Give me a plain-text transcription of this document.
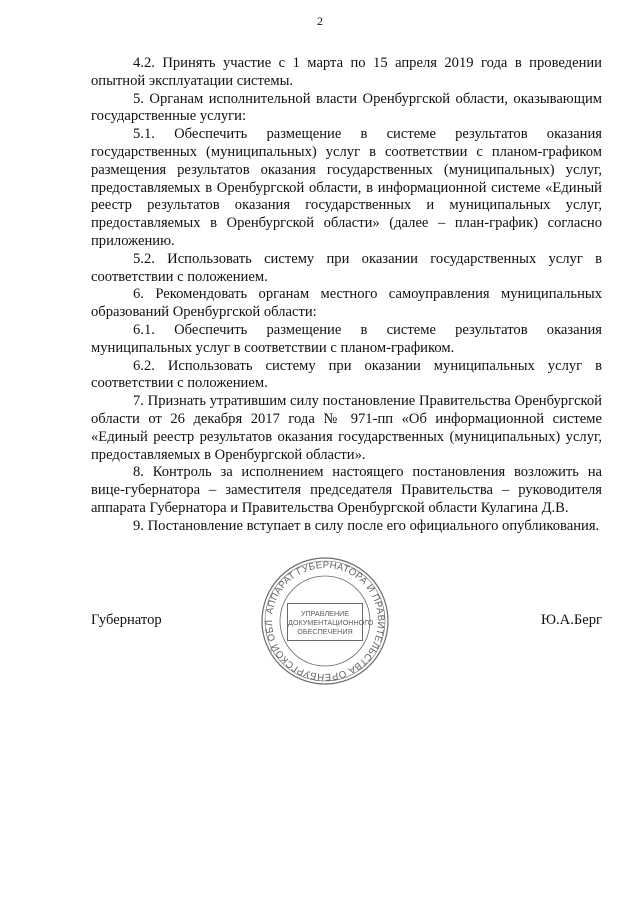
2

4.2. Принять участие с 1 марта по 15 апреля 2019 года в проведении опытной эксплуатации системы.

5. Органам исполнительной власти Оренбургской области, оказывающим государственные услуги:

5.1. Обеспечить размещение в системе результатов оказания государственных (муниципальных) услуг в соответствии с планом-графиком размещения результатов оказания государственных (муниципальных) услуг, предоставляемых в Оренбургской области, в информационной системе «Единый реестр результатов оказания государственных и муниципальных услуг, предоставляемых в Оренбургской области» (далее – план-график) согласно приложению.

5.2. Использовать систему при оказании государственных услуг в соответствии с положением.

6. Рекомендовать органам местного самоуправления муниципальных образований Оренбургской области:

6.1. Обеспечить размещение в системе результатов оказания муниципальных услуг в соответствии с планом-графиком.

6.2. Использовать систему при оказании муниципальных услуг в соответствии с положением.

7. Признать утратившим силу постановление Правительства Оренбургской области от 26 декабря 2017 года № 971-пп «Об информационной системе «Единый реестр результатов оказания государственных (муниципальных) услуг, предоставляемых в Оренбургской области».

8. Контроль за исполнением настоящего постановления возложить на вице-губернатора – заместителя председателя Правительства – руководителя аппарата Губернатора и Правительства Оренбургской области Кулагина Д.В.

9. Постановление вступает в силу после его официального опубликования.

АППАРАТ ГУБЕРНАТОРА И ПРАВИТЕЛЬСТВА ОРЕНБУРГСКОЙ ОБЛ
УПРАВЛЕНИЕ
ДОКУМЕНТАЦИОННОГО
ОБЕСПЕЧЕНИЯ
Губернатор	Ю.А.Берг
